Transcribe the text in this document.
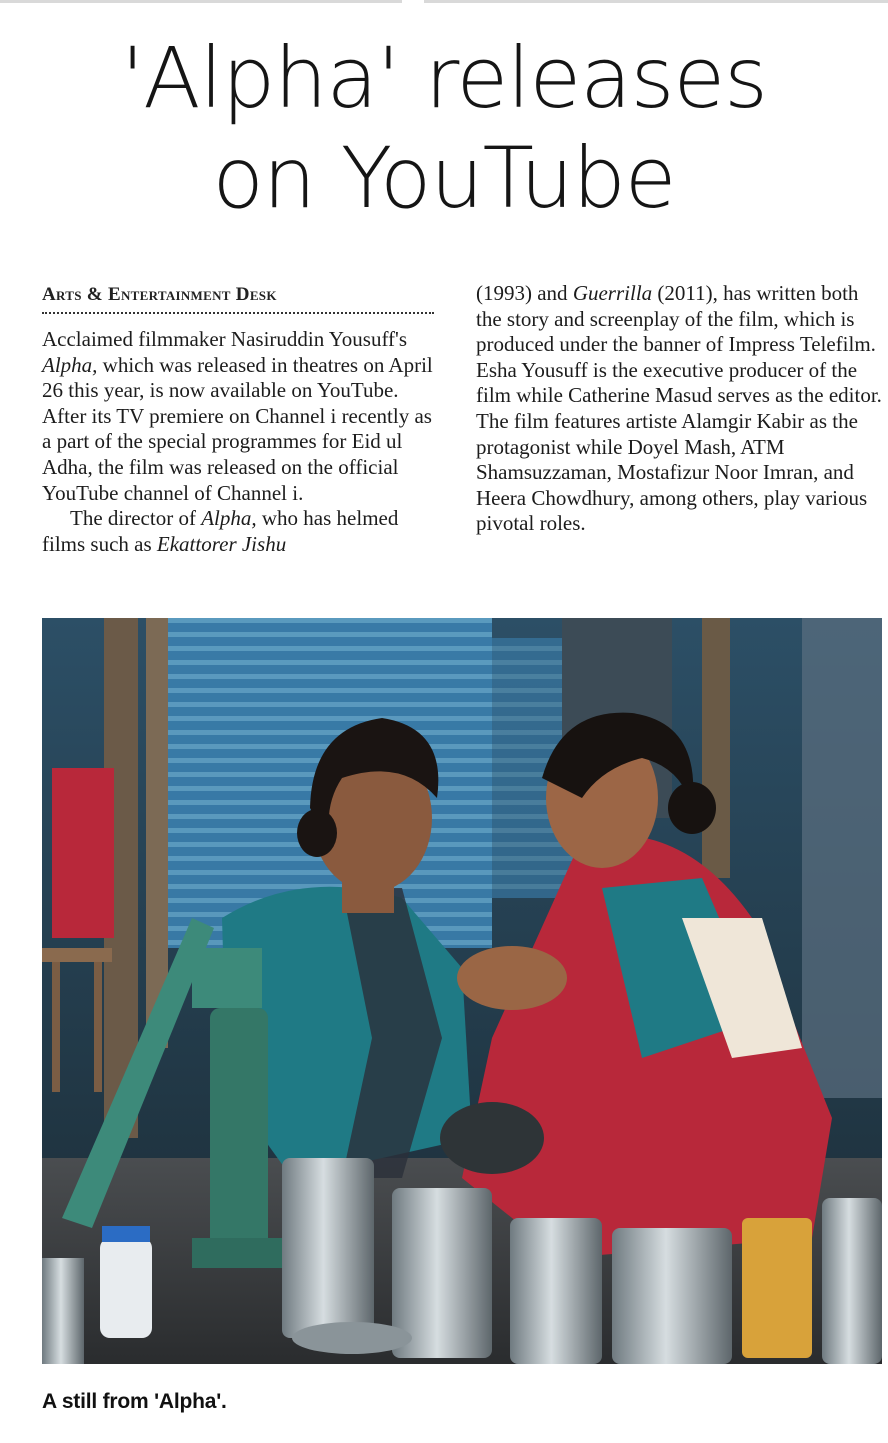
'Alpha' releases
on YouTube
Arts & Entertainment Desk

Acclaimed filmmaker Nasiruddin Yousuff's Alpha, which was released in theatres on April 26 this year, is now available on YouTube. After its TV premiere on Channel i recently as a part of the special programmes for Eid ul Adha, the film was released on the official YouTube channel of Channel i.

The director of Alpha, who has helmed films such as Ekattorer Jishu

(1993) and Guerrilla (2011), has written both the story and screenplay of the film, which is produced under the banner of Impress Telefilm. Esha Yousuff is the executive producer of the film while Catherine Masud serves as the editor. The film features artiste Alamgir Kabir as the protagonist while Doyel Mash, ATM Shamsuzzaman, Mostafizur Noor Imran, and Heera Chowdhury, among others, play various pivotal roles.

A still from 'Alpha'.
